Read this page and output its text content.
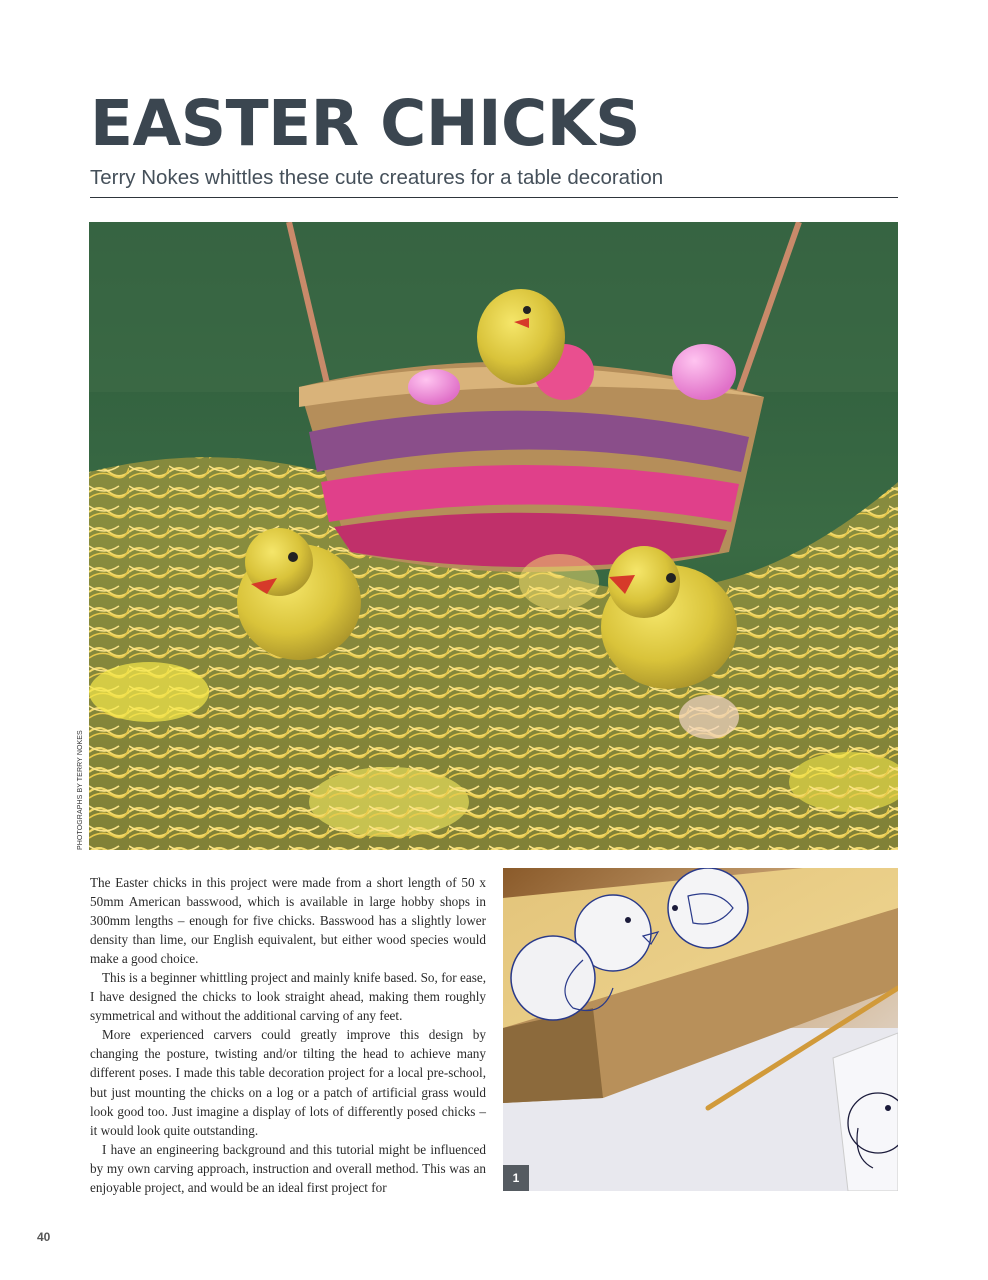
EASTER CHICKS
Terry Nokes whittles these cute creatures for a table decoration
PHOTOGRAPHS BY TERRY NOKES

The Easter chicks in this project were made from a short length of 50 x 50mm American basswood, which is available in large hobby shops in 300mm lengths – enough for five chicks. Basswood has a slightly lower density than lime, our English equivalent, but either wood species would make a good choice.

This is a beginner whittling project and mainly knife based. So, for ease, I have designed the chicks to look straight ahead, making them roughly symmetrical and without the additional carving of any feet.

More experienced carvers could greatly improve this design by changing the posture, twisting and/or tilting the head to achieve many different poses. I made this table decoration project for a local pre-school, but just mounting the chicks on a log or a patch of artificial grass would look good too. Just imagine a display of lots of differently posed chicks – it would look quite outstanding.

I have an engineering background and this tutorial might be influenced by my own carving approach, instruction and overall method. This was an enjoyable project, and would be an ideal first project for

1
40
